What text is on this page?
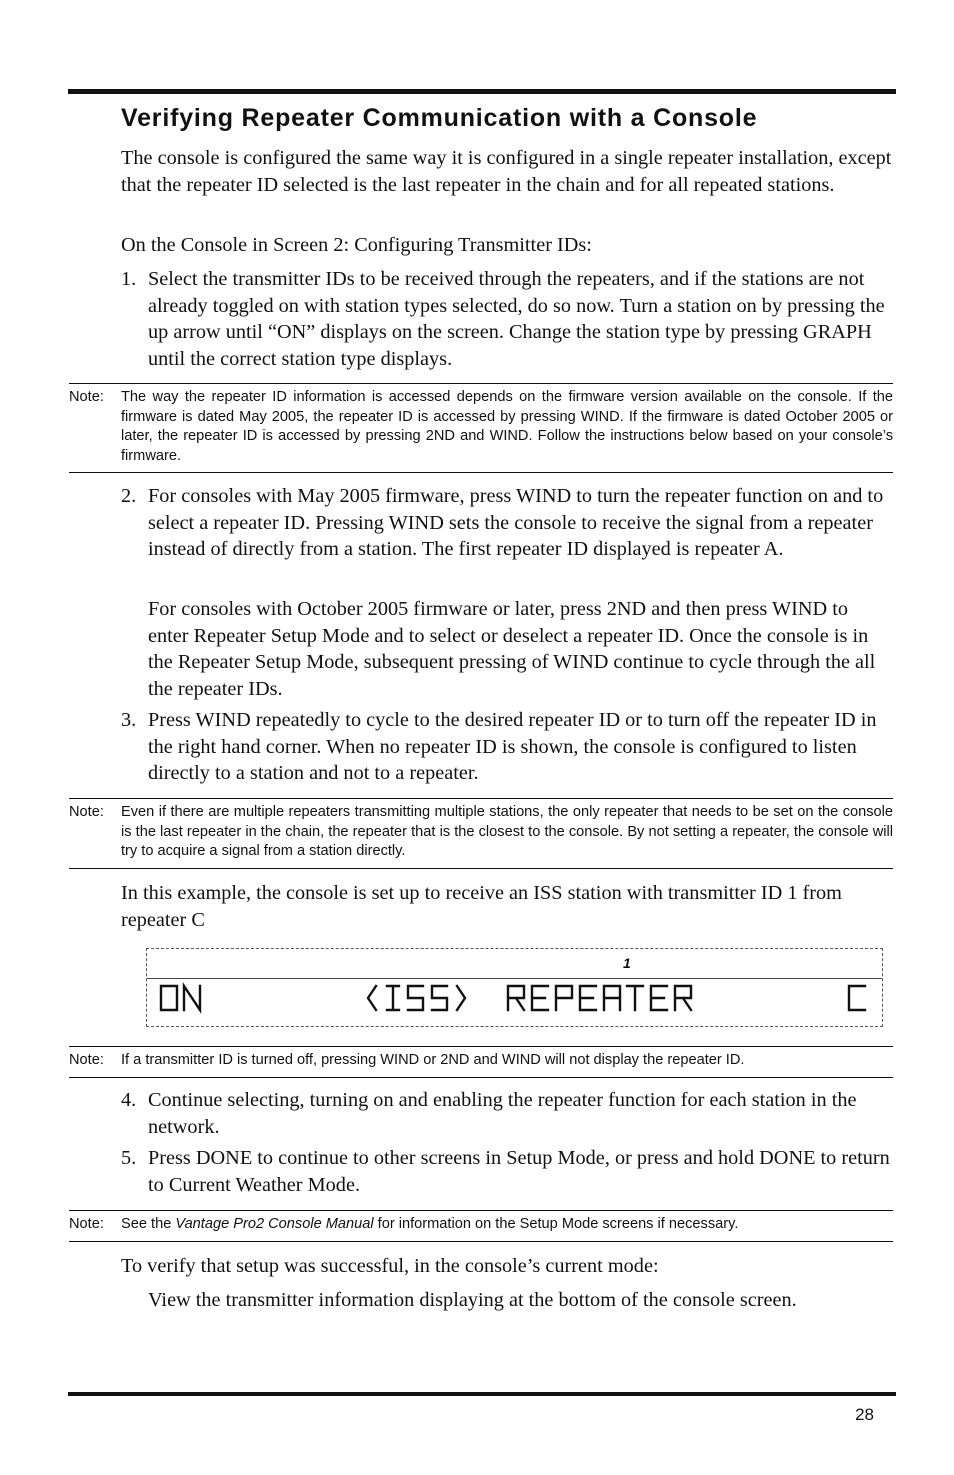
Verifying Repeater Communication with a Console

The console is configured the same way it is configured in a single repeater installation, except that the repeater ID selected is the last repeater in the chain and for all repeated stations.

On the Console in Screen 2: Configuring Transmitter IDs:

1. Select the transmitter IDs to be received through the repeaters, and if the stations are not already toggled on with station types selected, do so now. Turn a station on by pressing the up arrow until “ON” displays on the screen. Change the station type by pressing GRAPH until the correct station type displays.
Note: The way the repeater ID information is accessed depends on the firmware version available on the console. If the firmware is dated May 2005, the repeater ID is accessed by pressing WIND. If the firmware is dated October 2005 or later, the repeater ID is accessed by pressing 2ND and WIND. Follow the instructions below based on your console’s firmware.
2. For consoles with May 2005 firmware, press WIND to turn the repeater function on and to select a repeater ID. Pressing WIND sets the console to receive the signal from a repeater instead of directly from a station. The first repeater ID displayed is repeater A.

For consoles with October 2005 firmware or later, press 2ND and then press WIND to enter Repeater Setup Mode and to select or deselect a repeater ID. Once the console is in the Repeater Setup Mode, subsequent pressing of WIND continue to cycle through the all the repeater IDs.

3. Press WIND repeatedly to cycle to the desired repeater ID or to turn off the repeater ID in the right hand corner. When no repeater ID is shown, the console is configured to listen directly to a station and not to a repeater.
Note: Even if there are multiple repeaters transmitting multiple stations, the only repeater that needs to be set on the console is the last repeater in the chain, the repeater that is the closest to the console. By not setting a repeater, the console will try to acquire a signal from a station directly.

In this example, the console is set up to receive an ISS station with transmitter ID 1 from repeater C

1
Note: If a transmitter ID is turned off, pressing WIND or 2ND and WIND will not display the repeater ID.
4. Continue selecting, turning on and enabling the repeater function for each station in the network.
5. Press DONE to continue to other screens in Setup Mode, or press and hold DONE to return to Current Weather Mode.
Note: See the Vantage Pro2 Console Manual for information on the Setup Mode screens if necessary.

To verify that setup was successful, in the console’s current mode:

View the transmitter information displaying at the bottom of the console screen.

28
